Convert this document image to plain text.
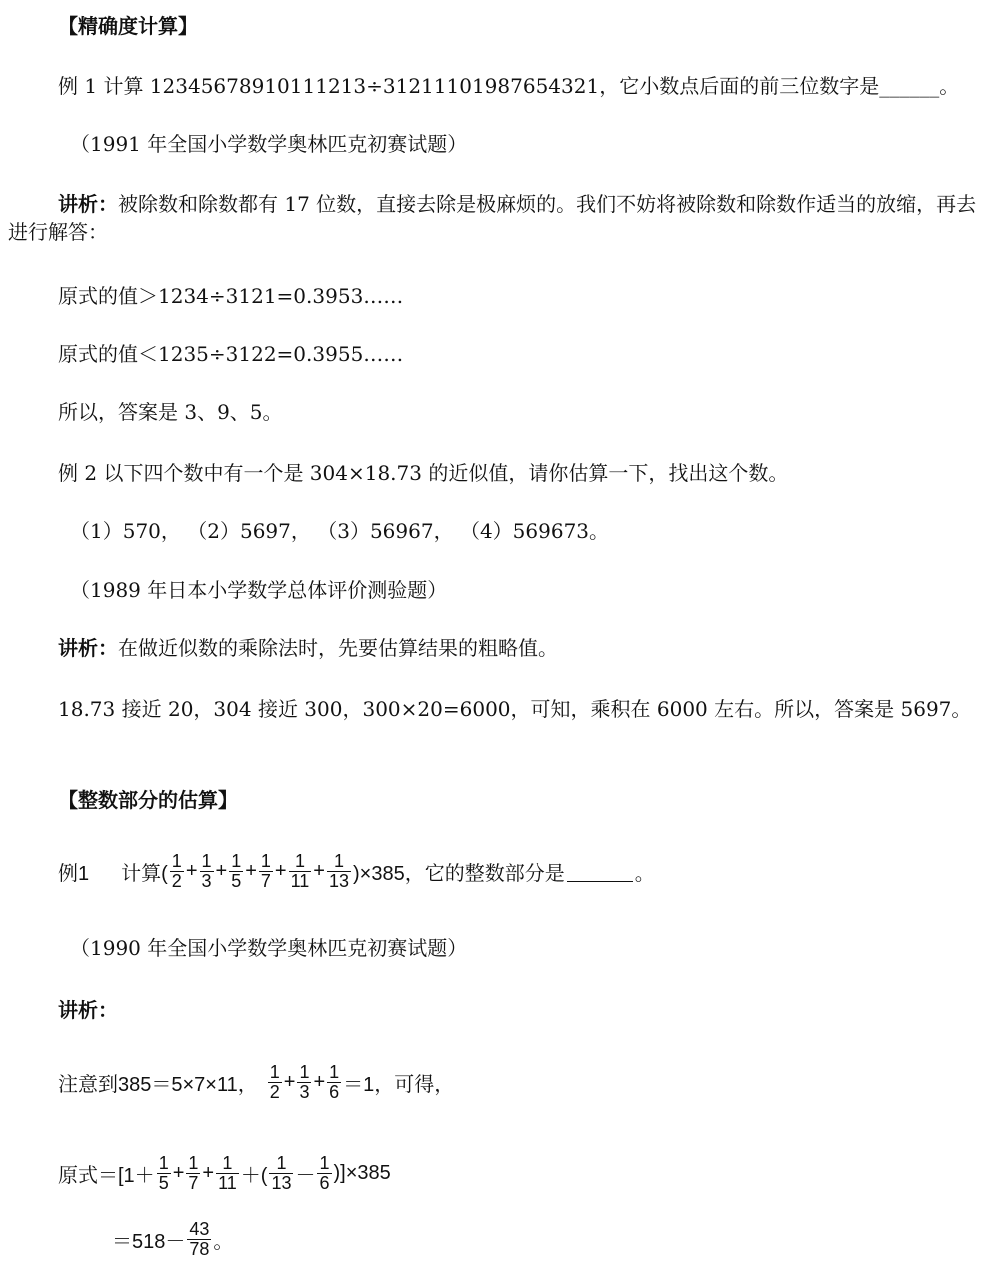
【精确度计算】
例 1 计算 12345678910111213÷31211101987654321，它小数点后面的前三位数字是______。
（1991 年全国小学数学奥林匹克初赛试题）
讲析：被除数和除数都有 17 位数，直接去除是极麻烦的。我们不妨将被除数和除数作适当的放缩，再去进行解答：
原式的值＞1234÷3121=0.3953……
原式的值＜1235÷3122=0.3955……
所以，答案是 3、9、5。
例 2 以下四个数中有一个是 304×18.73 的近似值，请你估算一下，找出这个数。
（1）570， （2）5697， （3）56967， （4）569673。
（1989 年日本小学数学总体评价测验题）
讲析：在做近似数的乘除法时，先要估算结果的粗略值。
18.73 接近 20，304 接近 300，300×20=6000，可知，乘积在 6000 左右。所以，答案是 5697。
【整数部分的估算】
例1 计算( $\frac{1}{2} + \frac{1}{3} + \frac{1}{5} + \frac{1}{7} + \frac{1}{11} + \frac{1}{13} )\times 385$，它的整数部分是	。
（1990 年全国小学数学奥林匹克初赛试题）
讲析：
注意到385＝5×7×11， $\frac{1}{2} + \frac{1}{3} + \frac{1}{6} =1$，可得，
原式$=[1+ \frac{1}{5} + \frac{1}{7} + \frac{1}{11}$ ＋( $\frac{1}{13} - \frac{1}{6} )]\times 385$
$=518- \frac{43}{78}$ 。
